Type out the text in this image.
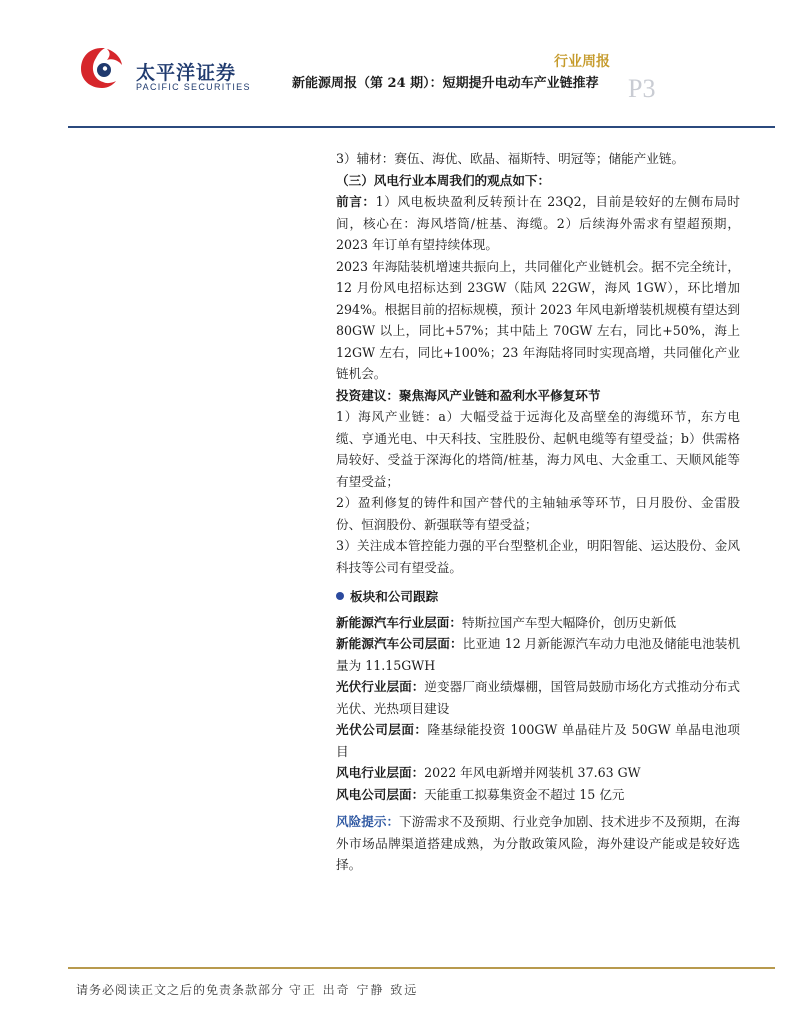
太平洋证券
PACIFIC SECURITIES
行业周报
新能源周报（第 24 期）：短期提升电动车产业链推荐 P3

3）辅材：赛伍、海优、欧晶、福斯特、明冠等；储能产业链。

（三）风电行业本周我们的观点如下：

前言：1）风电板块盈利反转预计在 23Q2，目前是较好的左侧布局时间，核心在：海风塔筒/桩基、海缆。2）后续海外需求有望超预期，2023 年订单有望持续体现。

2023 年海陆装机增速共振向上，共同催化产业链机会。据不完全统计，12 月份风电招标达到 23GW（陆风 22GW，海风 1GW），环比增加 294%。根据目前的招标规模，预计 2023 年风电新增装机规模有望达到 80GW 以上，同比+57%；其中陆上 70GW 左右，同比+50%，海上 12GW 左右，同比+100%；23 年海陆将同时实现高增，共同催化产业链机会。

投资建议：聚焦海风产业链和盈利水平修复环节

1）海风产业链：a）大幅受益于远海化及高壁垒的海缆环节，东方电缆、亨通光电、中天科技、宝胜股份、起帆电缆等有望受益；b）供需格局较好、受益于深海化的塔筒/桩基，海力风电、大金重工、天顺风能等有望受益；

2）盈利修复的铸件和国产替代的主轴轴承等环节，日月股份、金雷股份、恒润股份、新强联等有望受益；

3）关注成本管控能力强的平台型整机企业，明阳智能、运达股份、金风科技等公司有望受益。

板块和公司跟踪

新能源汽车行业层面：特斯拉国产车型大幅降价，创历史新低

新能源汽车公司层面：比亚迪 12 月新能源汽车动力电池及储能电池装机量为 11.15GWH

光伏行业层面：逆变器厂商业绩爆棚，国管局鼓励市场化方式推动分布式光伏、光热项目建设

光伏公司层面：隆基绿能投资 100GW 单晶硅片及 50GW 单晶电池项目

风电行业层面：2022 年风电新增并网装机 37.63 GW

风电公司层面：天能重工拟募集资金不超过 15 亿元

风险提示：下游需求不及预期、行业竞争加剧、技术进步不及预期，在海外市场品牌渠道搭建成熟，为分散政策风险，海外建设产能或是较好选择。

请务必阅读正文之后的免责条款部分 守正 出奇 宁静 致远
